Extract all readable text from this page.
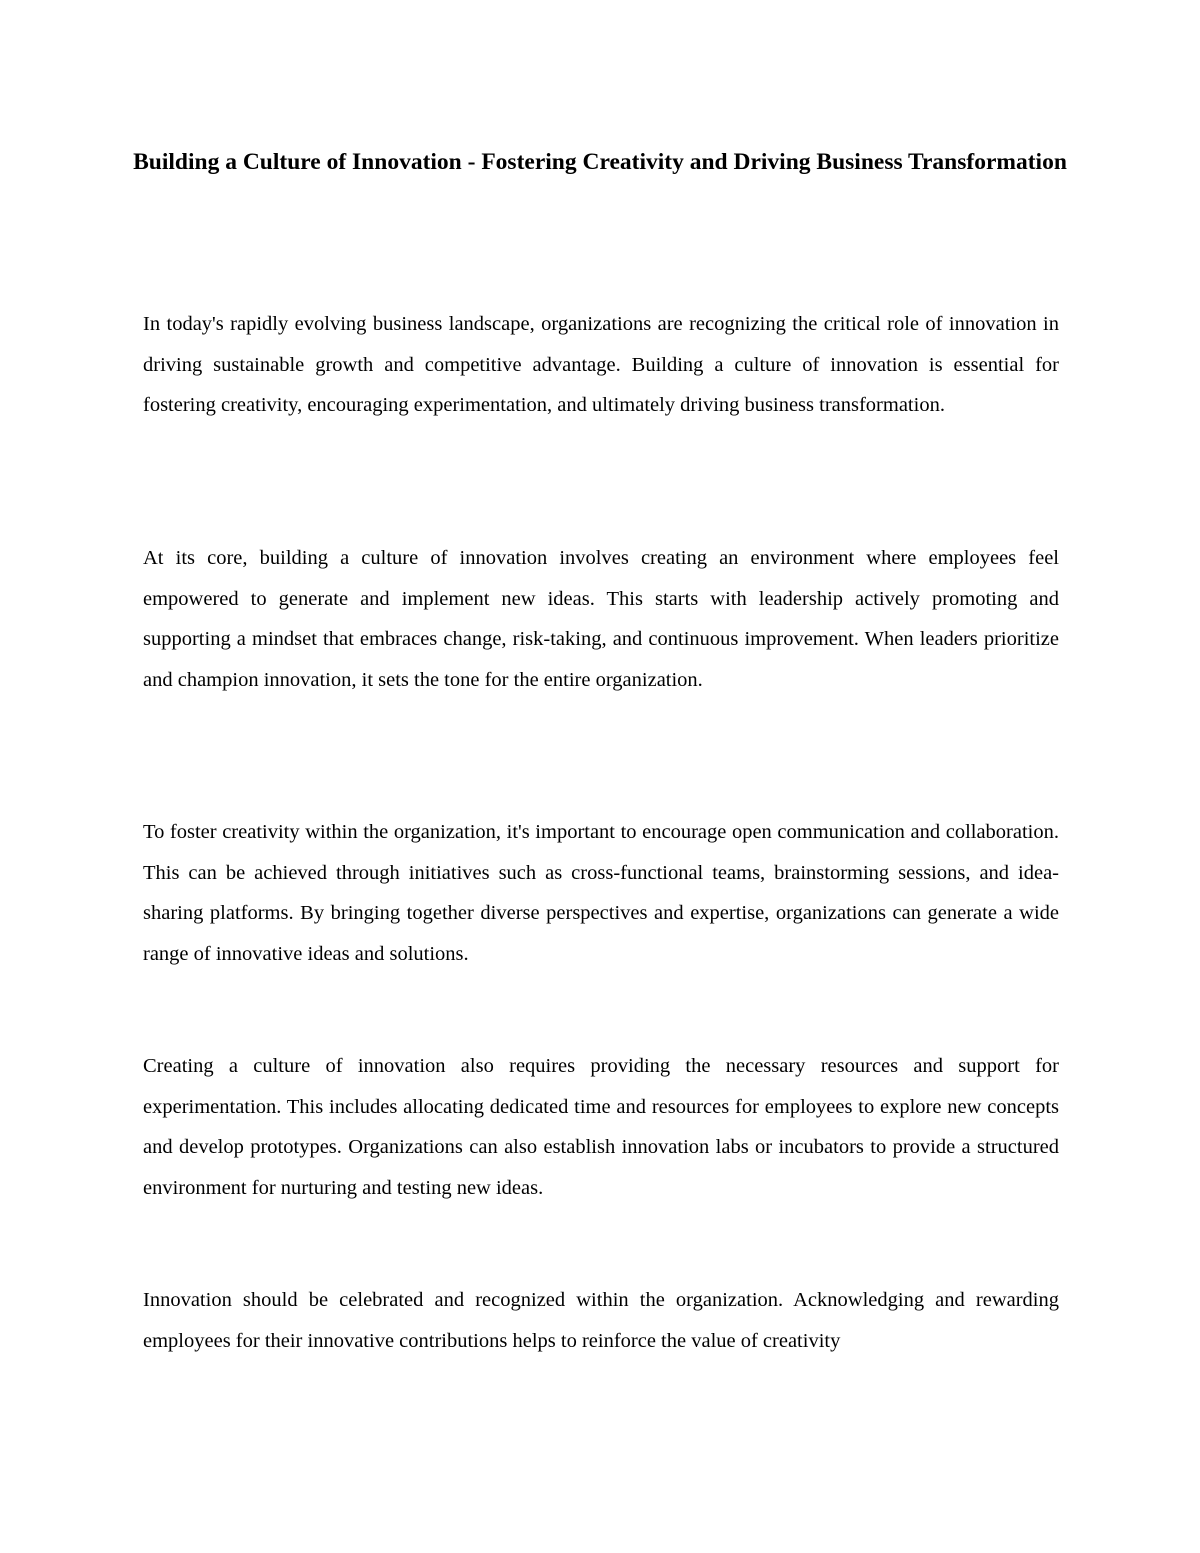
Building a Culture of Innovation - Fostering Creativity and Driving Business Transformation

In today's rapidly evolving business landscape, organizations are recognizing the critical role of innovation in driving sustainable growth and competitive advantage. Building a culture of innovation is essential for fostering creativity, encouraging experimentation, and ultimately driving business transformation.

At its core, building a culture of innovation involves creating an environment where employees feel empowered to generate and implement new ideas. This starts with leadership actively promoting and supporting a mindset that embraces change, risk-taking, and continuous improvement. When leaders prioritize and champion innovation, it sets the tone for the entire organization.

To foster creativity within the organization, it's important to encourage open communication and collaboration. This can be achieved through initiatives such as cross-functional teams, brainstorming sessions, and idea-sharing platforms. By bringing together diverse perspectives and expertise, organizations can generate a wide range of innovative ideas and solutions.

Creating a culture of innovation also requires providing the necessary resources and support for experimentation. This includes allocating dedicated time and resources for employees to explore new concepts and develop prototypes. Organizations can also establish innovation labs or incubators to provide a structured environment for nurturing and testing new ideas.

Innovation should be celebrated and recognized within the organization. Acknowledging and rewarding employees for their innovative contributions helps to reinforce the value of creativity
